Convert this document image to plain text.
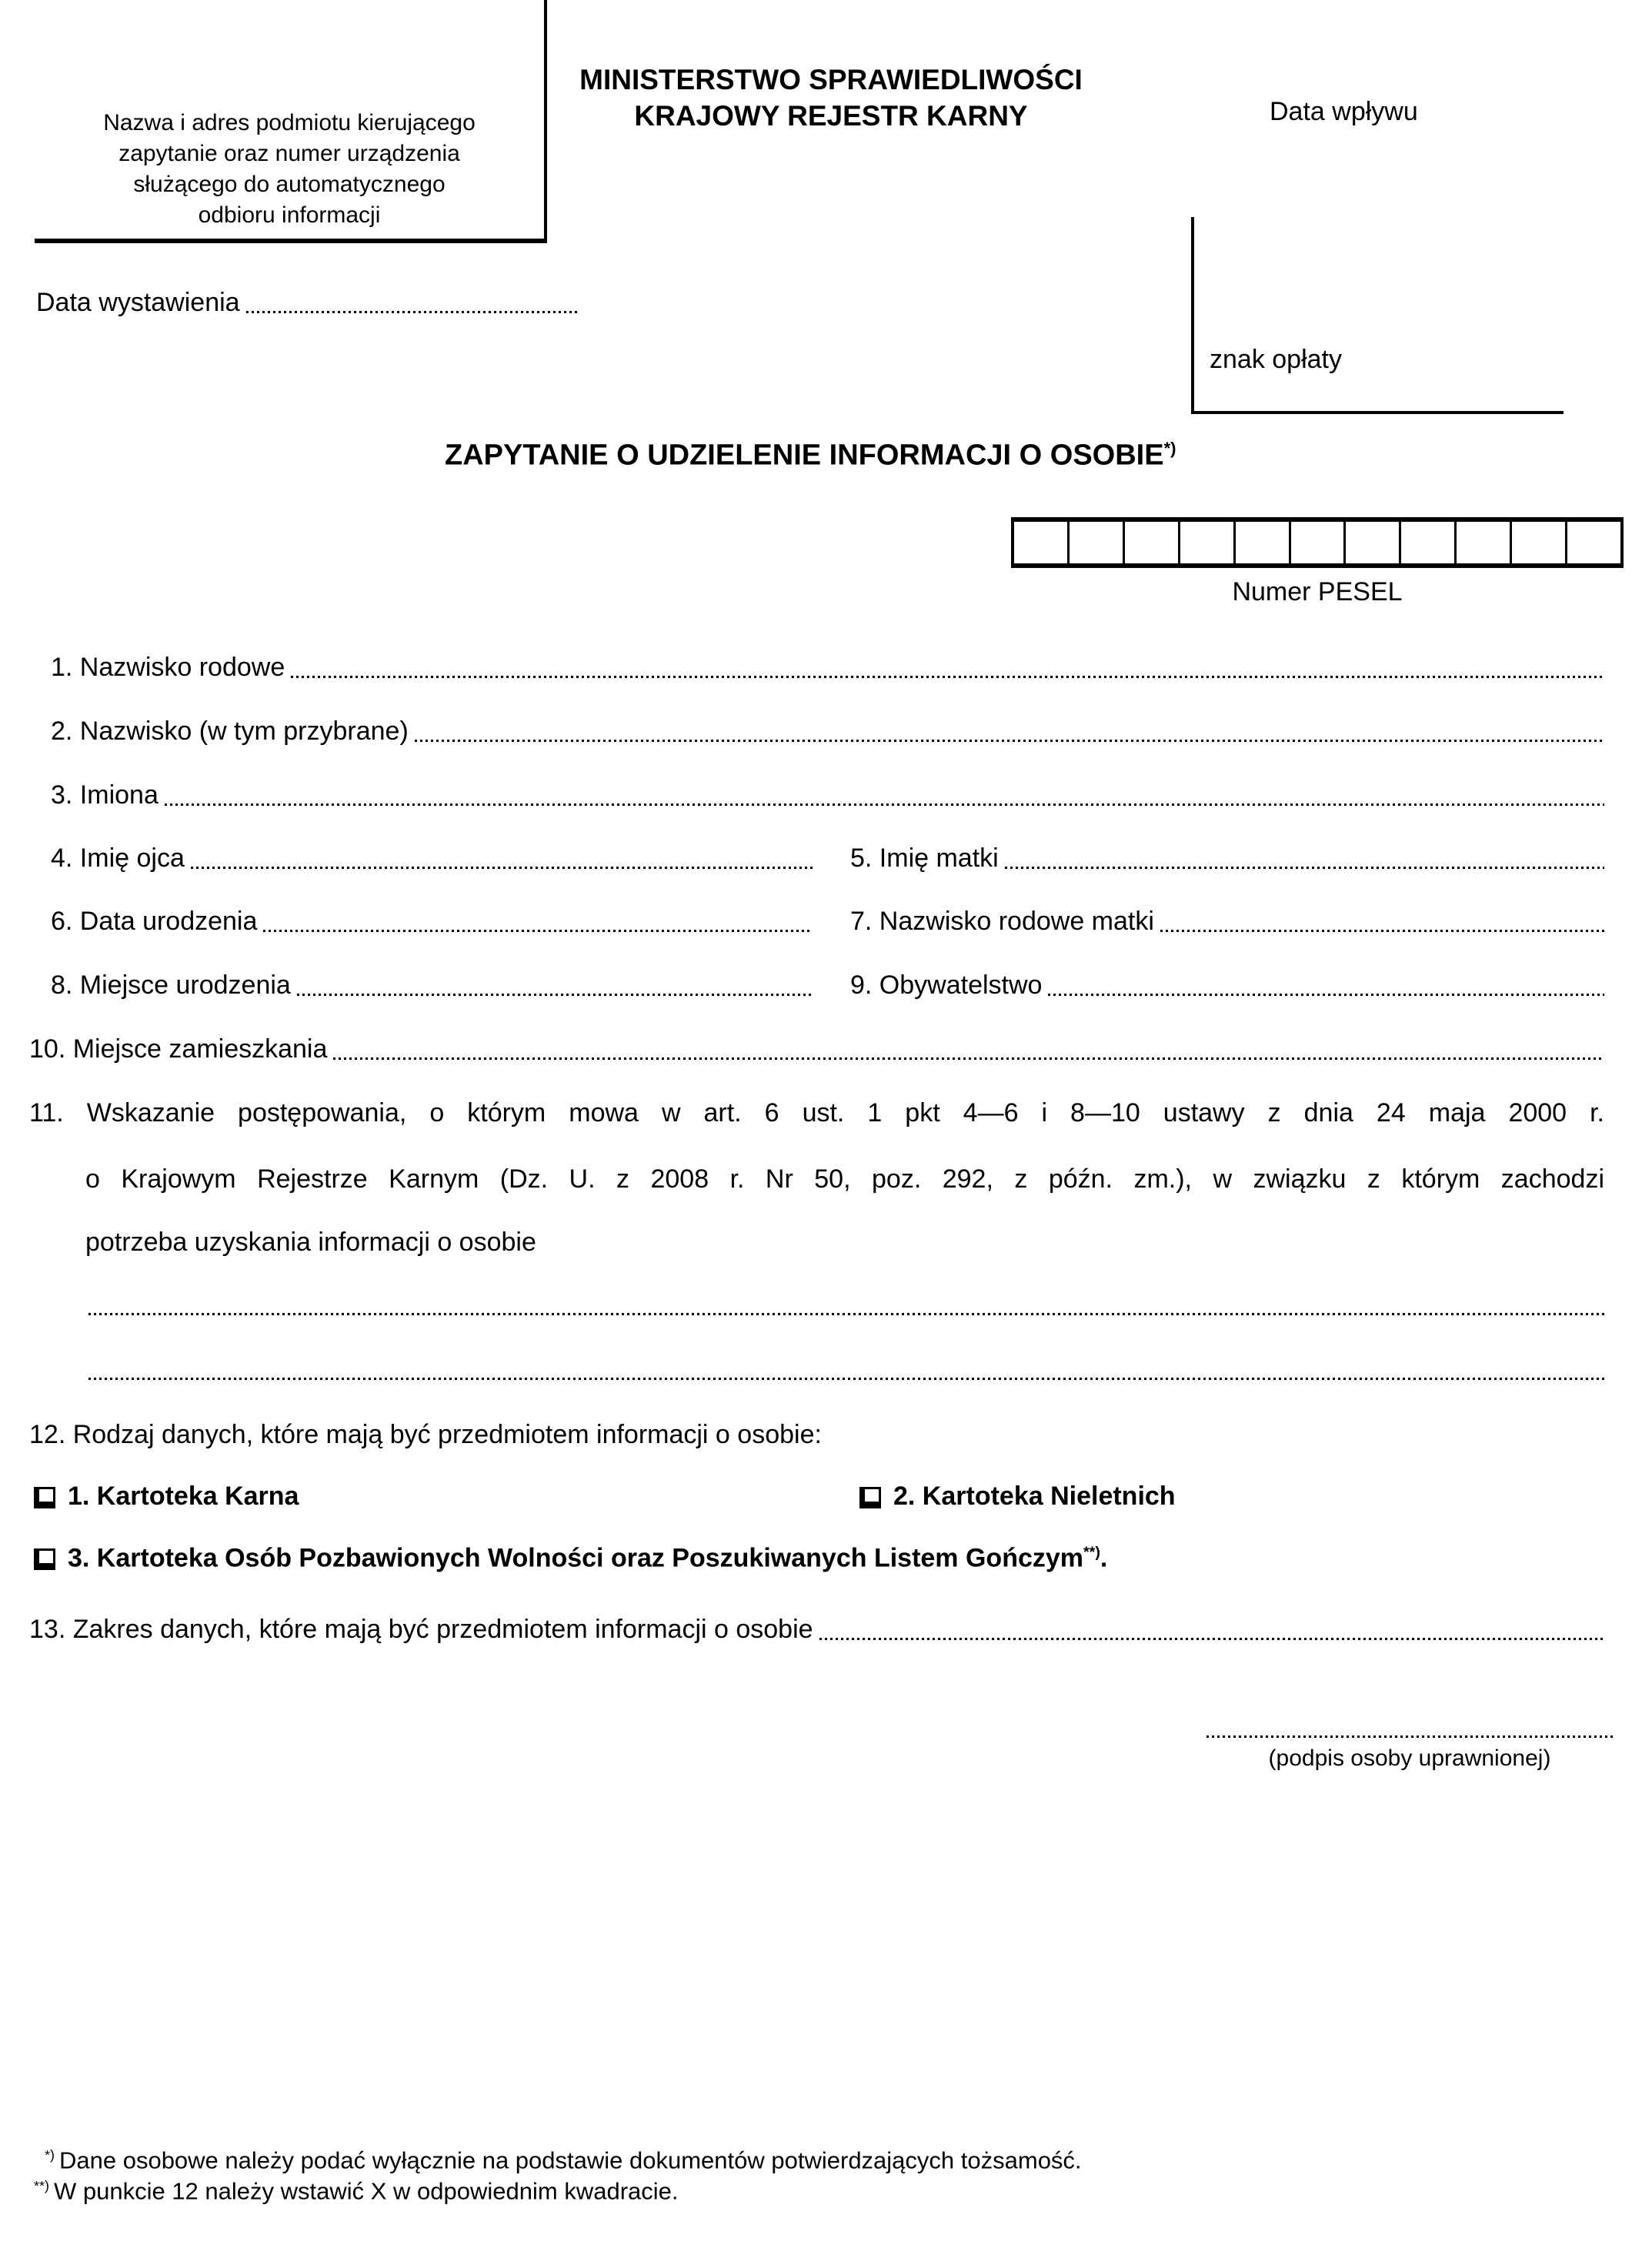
Nazwa i adres podmiotu kierującego
zapytanie oraz numer urządzenia
służącego do automatycznego
odbioru informacji
MINISTERSTWO SPRAWIEDLIWOŚCI
KRAJOWY REJESTR KARNY	Data wpływu
znak opłaty
Data wystawienia
ZAPYTANIE O UDZIELENIE INFORMACJI O OSOBIE*)
Numer PESEL
1. Nazwisko rodowe
2. Nazwisko (w tym przybrane)
3. Imiona
4. Imię ojca	5. Imię matki
6. Data urodzenia	7. Nazwisko rodowe matki
8. Miejsce urodzenia	9. Obywatelstwo
10. Miejsce zamieszkania
11. Wskazanie postępowania, o którym mowa w art. 6 ust. 1 pkt 4—6 i 8—10 ustawy z dnia 24 maja 2000 r.
o Krajowym Rejestrze Karnym (Dz. U. z 2008 r. Nr 50, poz. 292, z późn. zm.), w związku z którym zachodzi
potrzeba uzyskania informacji o osobie
12. Rodzaj danych, które mają być przedmiotem informacji o osobie:
1. Kartoteka Karna	2. Kartoteka Nieletnich
3. Kartoteka Osób Pozbawionych Wolności oraz Poszukiwanych Listem Gończym**).
13. Zakres danych, które mają być przedmiotem informacji o osobie
(podpis osoby uprawnionej)
*) Dane osobowe należy podać wyłącznie na podstawie dokumentów potwierdzających tożsamość.
**) W punkcie 12 należy wstawić X w odpowiednim kwadracie.
